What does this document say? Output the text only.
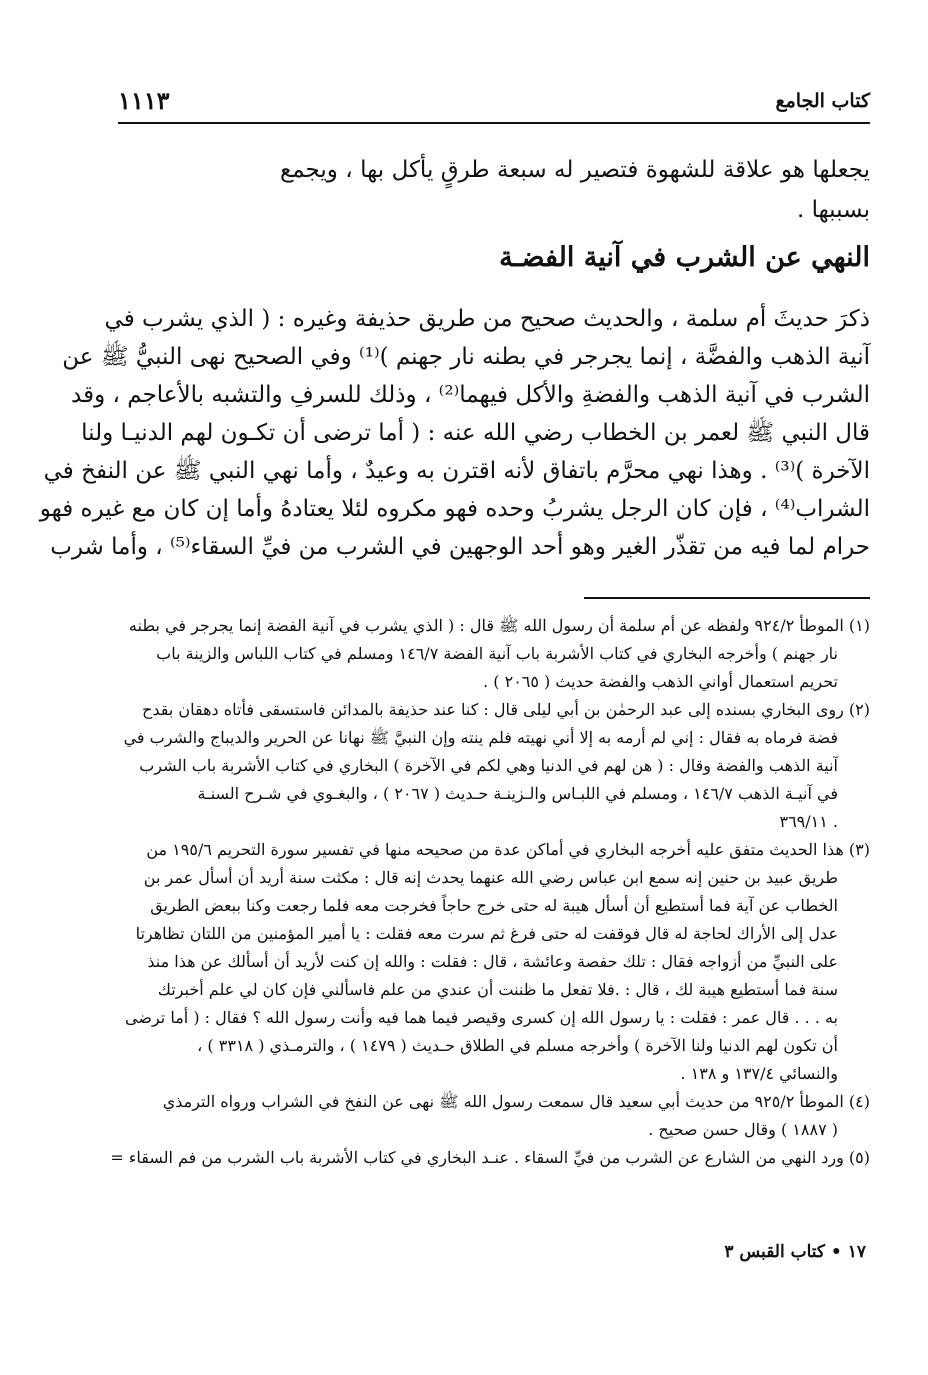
١١١٣	كتاب الجامع
يجعلها هو علاقة للشهوة فتصير له سبعة طرقٍ يأكل بها ، ويجمع بسببها .
النهي عن الشرب في آنية الفضـة

ذكرَ حديثَ أم سلمة ، والحديث صحيح من طريق حذيفة وغيره : ( الذي يشرب في
آنية الذهب والفضَّة ، إنما يجرجر في بطنه نار جهنم )⁽¹⁾ وفي الصحيح نهى النبيُّ ﷺ عن
الشرب في آنية الذهب والفضةِ والأكل فيهما⁽²⁾ ، وذلك للسرفِ والتشبه بالأعاجم ، وقد
قال النبي ﷺ لعمر بن الخطاب رضي الله عنه : ( أما ترضى أن تكـون لهم الدنيـا ولنا
الآخرة )⁽³⁾ . وهذا نهي محرَّم باتفاق لأنه اقترن به وعيدٌ ، وأما نهي النبي ﷺ عن النفخ في
الشراب⁽⁴⁾ ، فإن كان الرجل يشربُ وحده فهو مكروه لئلا يعتادهُ وأما إن كان مع غيره فهو
حرام لما فيه من تقذّر الغير وهو أحد الوجهين في الشرب من فيِّ السقاء⁽⁵⁾ ، وأما شرب

(١) الموطأ ٩٢٤/٢ ولفظه عن أم سلمة أن رسول الله ﷺ قال : ( الذي يشرب في آنية الفضة إنما يجرجر في بطنه
نار جهنم ) وأخرجه البخاري في كتاب الأشربة باب آنية الفضة ١٤٦/٧ ومسلم في كتاب اللباس والزينة باب
تحريم استعمال أواني الذهب والفضة حديث ( ٢٠٦٥ ) .
(٢) روى البخاري بسنده إلى عبد الرحمٰن بن أبي ليلى قال : كنا عند حذيفة بالمدائن فاستسقى فأتاه دهقان بقدح
فضة فرماه به فقال : إني لم أرمه به إلا أني نهيته فلم ينته وإن النبيَّ ﷺ نهانا عن الحرير والديباج والشرب في
آنية الذهب والفضة وقال : ( هن لهم في الدنيا وهي لكم في الآخرة ) البخاري في كتاب الأشربة باب الشرب
في آنيـة الذهب ١٤٦/٧ ، ومسلم في اللبـاس والـزينـة حـديث ( ٢٠٦٧ ) ، والبغـوي في شـرح السنـة
٣٦٩/١١ .
(٣) هذا الحديث متفق عليه أخرجه البخاري في أماكن عدة من صحيحه منها في تفسير سورة التحريم ١٩٥/٦ من
طريق عبيد بن حنين إنه سمع ابن عباس رضي الله عنهما يحدث إنه قال : مكثت سنة أريد أن أسأل عمر بن
الخطاب عن آية فما أستطيع أن أسأل هيبة له حتى خرج حاجاً فخرجت معه فلما رجعت وكنا ببعض الطريق
عدل إلى الأراك لحاجة له قال فوقفت له حتى فرغ ثم سرت معه فقلت : يا أمير المؤمنين من اللتان تظاهرتا
على النبيِّ من أزواجه فقال : تلك حفصة وعائشة ، قال : فقلت : والله إن كنت لأريد أن أسألك عن هذا منذ
سنة فما أستطيع هيبة لك ، قال : .فلا تفعل ما ظننت أن عندي من علم فاسألني فإن كان لي علم أخبرتك
به . . . قال عمر : فقلت : يا رسول الله إن كسرى وقيصر فيما هما فيه وأنت رسول الله ؟ فقال : ( أما ترضى
أن تكون لهم الدنيا ولنا الآخرة ) وأخرجه مسلم في الطلاق حـديث ( ١٤٧٩ ) ، والترمـذي ( ٣٣١٨ ) ،
والنسائي ١٣٧/٤ و ١٣٨ .
(٤) الموطأ ٩٢٥/٢ من حديث أبي سعيد قال سمعت رسول الله ﷺ نهى عن النفخ في الشراب ورواه الترمذي
( ١٨٨٧ ) وقال حسن صحيح .
(٥) ورد النهي من الشارع عن الشرب من فيِّ السقاء . عنـد البخاري في كتاب الأشربة باب الشرب من فم السقاء =
١٧ • كتاب القبس ٣
